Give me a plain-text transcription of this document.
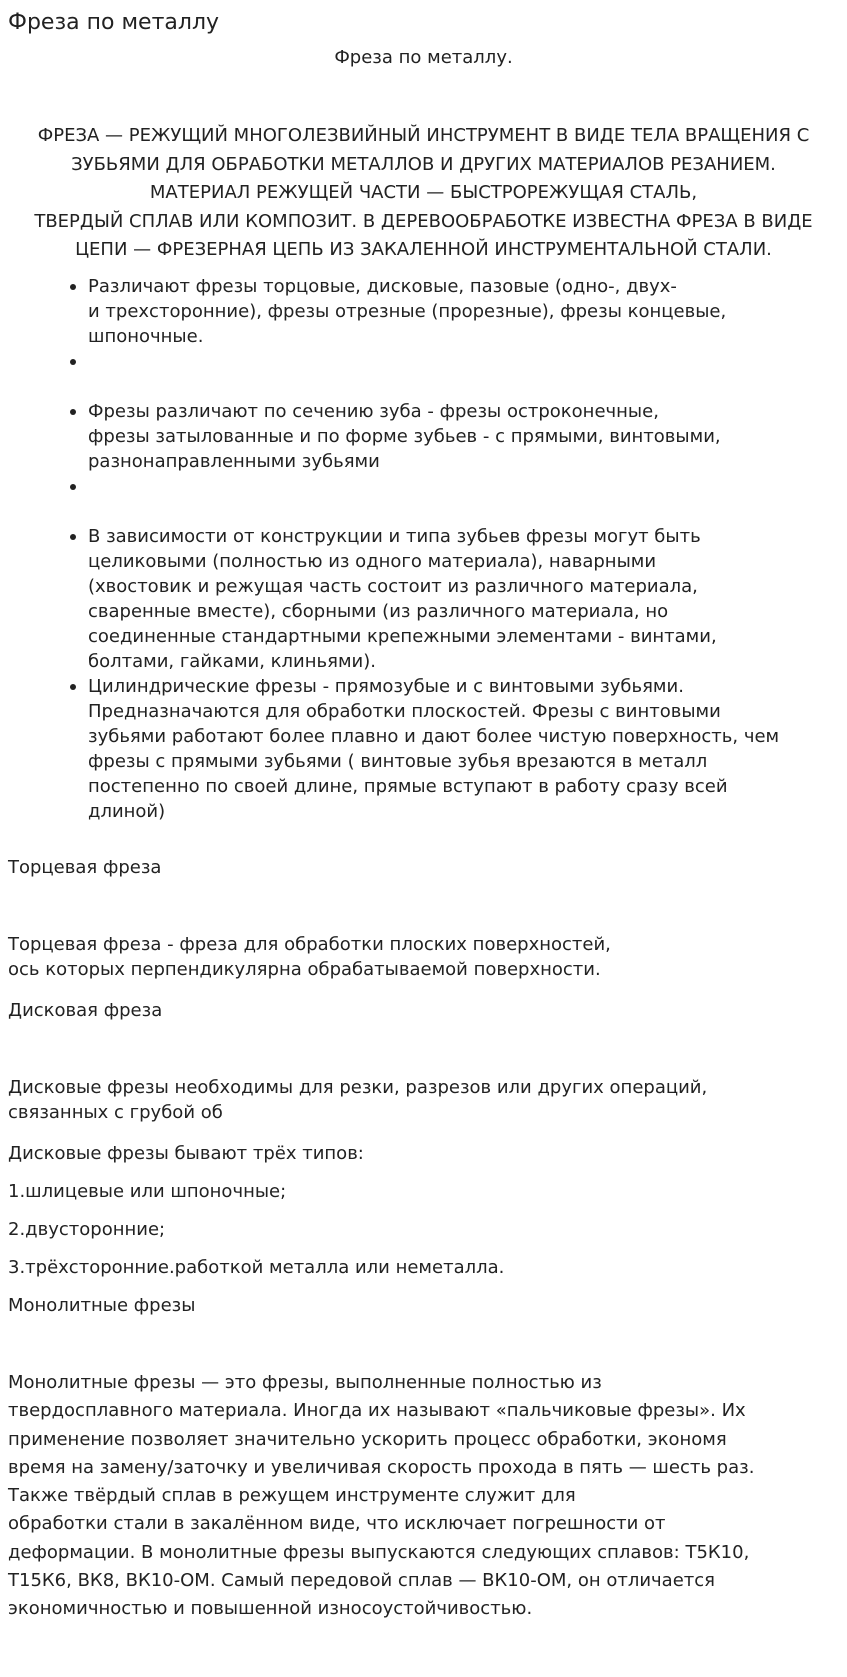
Фреза по металлу

Фреза по металлу.

ФРЕЗА — РЕЖУЩИЙ МНОГОЛЕЗВИЙНЫЙ ИНСТРУМЕНТ В ВИДЕ ТЕЛА ВРАЩЕНИЯ С
ЗУБЬЯМИ ДЛЯ ОБРАБОТКИ МЕТАЛЛОВ И ДРУГИХ МАТЕРИАЛОВ РЕЗАНИЕМ.
МАТЕРИАЛ РЕЖУЩЕЙ ЧАСТИ — БЫСТРОРЕЖУЩАЯ СТАЛЬ,
ТВЕРДЫЙ СПЛАВ ИЛИ КОМПОЗИТ. В ДЕРЕВООБРАБОТКЕ ИЗВЕСТНА ФРЕЗА В ВИДЕ
ЦЕПИ — ФРЕЗЕРНАЯ ЦЕПЬ ИЗ ЗАКАЛЕННОЙ ИНСТРУМЕНТАЛЬНОЙ СТАЛИ.

Различают фрезы торцовые, дисковые, пазовые (одно-, двух-
и трехсторонние), фрезы отрезные (прорезные), фрезы концевые,
шпоночные.
Фрезы различают по сечению зуба - фрезы остроконечные,
фрезы затылованные и по форме зубьев - с прямыми, винтовыми,
разнонаправленными зубьями
В зависимости от конструкции и типа зубьев фрезы могут быть
целиковыми (полностью из одного материала), наварными
(хвостовик и режущая часть состоит из различного материала,
сваренные вместе), сборными (из различного материала, но
соединенные стандартными крепежными элементами - винтами,
болтами, гайками, клиньями).
Цилиндрические фрезы - прямозубые и с винтовыми зубьями.
Предназначаются для обработки плоскостей. Фрезы с винтовыми
зубьями работают более плавно и дают более чистую поверхность, чем
фрезы с прямыми зубьями ( винтовые зубья врезаются в металл
постепенно по своей длине, прямые вступают в работу сразу всей
длиной)

Торцевая фреза

Торцевая фреза - фреза для обработки плоских поверхностей,
ось которых перпендикулярна обрабатываемой поверхности.

Дисковая фреза

Дисковые фрезы необходимы для резки, разрезов или других операций,
связанных с грубой об

Дисковые фрезы бывают трёх типов:

1.шлицевые или шпоночные;

2.двусторонние;

3.трёхсторонние.работкой металла или неметалла.

Монолитные фрезы

Монолитные фрезы — это фрезы, выполненные полностью из
твердосплавного материала. Иногда их называют «пальчиковые фрезы». Их
применение позволяет значительно ускорить процесс обработки, экономя
время на замену/заточку и увеличивая скорость прохода в пять — шесть раз.
Также твёрдый сплав в режущем инструменте служит для
обработки стали в закалённом виде, что исключает погрешности от
деформации. В монолитные фрезы выпускаются следующих сплавов: Т5К10,
Т15К6, ВК8, ВК10-ОМ. Самый передовой сплав — ВК10-ОМ, он отличается
экономичностью и повышенной износоустойчивостью.
